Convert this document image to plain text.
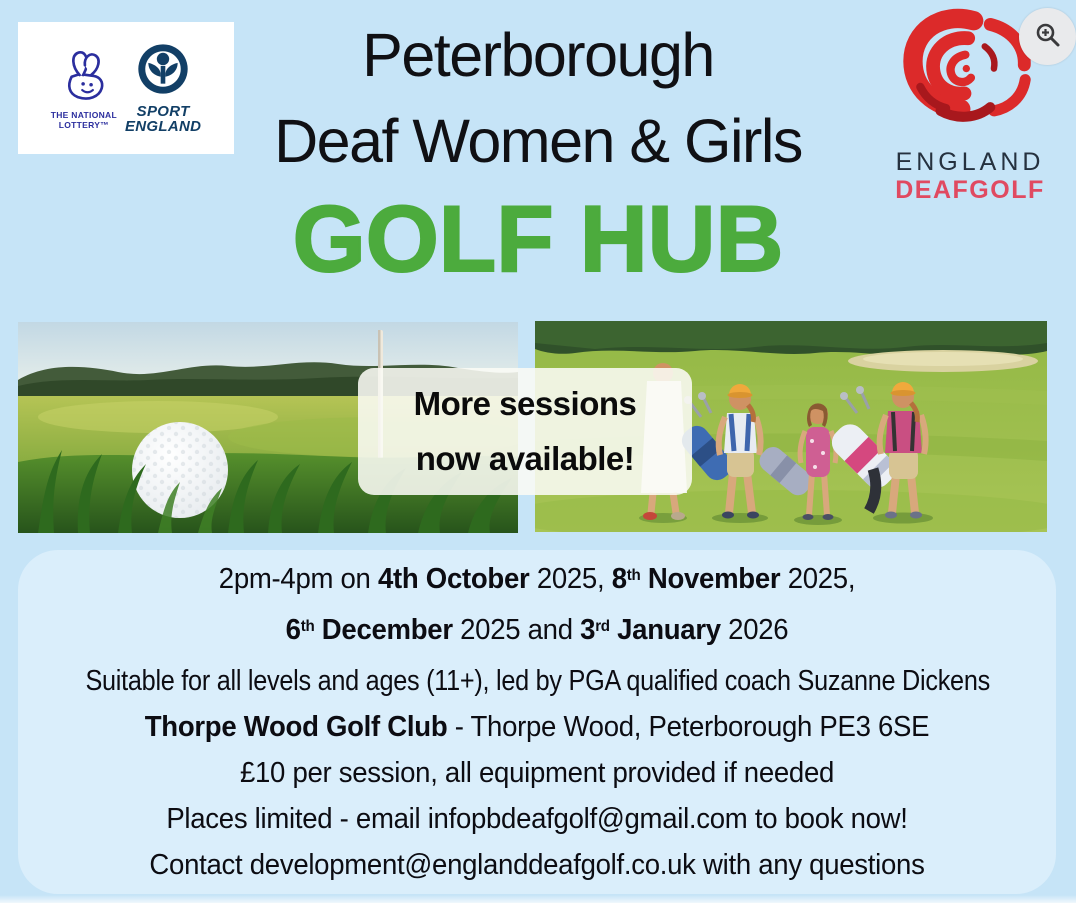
THE NATIONAL
LOTTERY™
SPORT
ENGLAND
Peterborough
Deaf Women & Girls
GOLF HUB
ENGLAND
DEAFGOLF
More sessions
now available!
2pm-4pm on 4th October 2025, 8th November 2025,
6th December 2025 and 3rd January 2026
Suitable for all levels and ages (11+), led by PGA qualified coach Suzanne Dickens
Thorpe Wood Golf Club - Thorpe Wood, Peterborough PE3 6SE
£10 per session, all equipment provided if needed
Places limited - email infopbdeafgolf@gmail.com to book now!
Contact development@englanddeafgolf.co.uk with any questions
